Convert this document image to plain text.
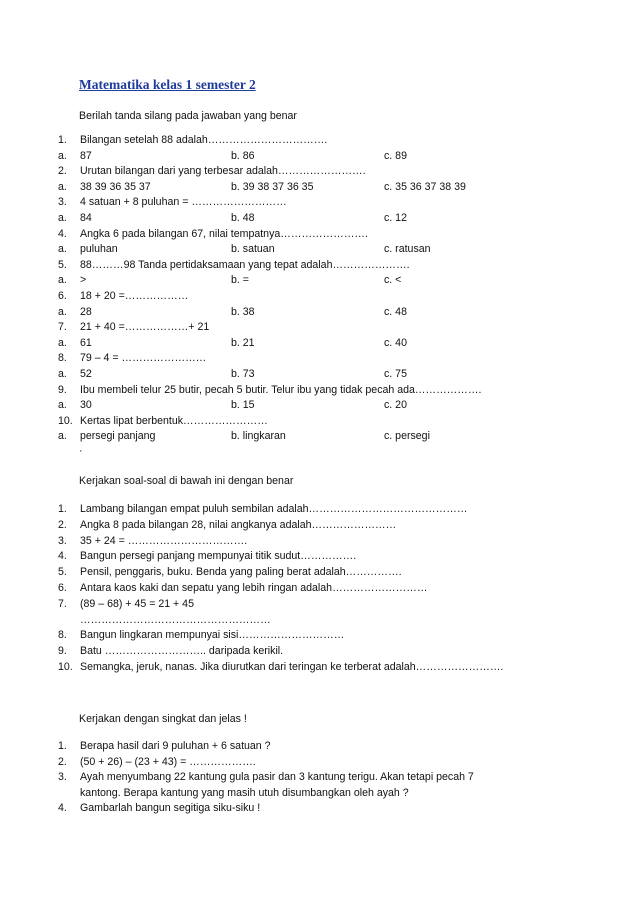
Matematika kelas 1 semester 2
Berilah tanda silang pada jawaban yang benar
1. Bilangan setelah 88 adalah…………………………….
a. 87	b. 86	c. 89
2. Urutan bilangan dari yang terbesar adalah…………………….
a. 38 39 36 35 37	b. 39 38 37 36 35	c. 35 36 37 38 39
3. 4 satuan + 8 puluhan = ………………………
a. 84	b. 48	c. 12
4. Angka 6 pada bilangan 67, nilai tempatnya…………………….
a. puluhan	b. satuan	c. ratusan
5. 88………98 Tanda pertidaksamaan yang tepat adalah………………….
a. >	b. =	c. <
6. 18 + 20 =………………
a. 28	b. 38	c. 48
7. 21 + 40 =………………+ 21
a. 61	b. 21	c. 40
8. 79 – 4 = ……………………
a. 52	b. 73	c. 75
9. Ibu membeli telur 25 butir, pecah 5 butir. Telur ibu yang tidak pecah ada……………….
a. 30	b. 15	c. 20
10. Kertas lipat berbentuk……………………
a. persegi panjang	b. lingkaran	c. persegi
·
Kerjakan soal-soal di bawah ini dengan benar
1. Lambang bilangan empat puluh sembilan adalah………………………………………
2. Angka 8 pada bilangan 28, nilai angkanya adalah……………………
3. 35 + 24 = …………………………….
4. Bangun persegi panjang mempunyai titik sudut…………….
5. Pensil, penggaris, buku. Benda yang paling berat adalah…………….
6. Antara kaos kaki dan sepatu yang lebih ringan adalah………………………
7. (89 – 68) + 45 = 21 + 45
………………………………………………
8. Bangun lingkaran mempunyai sisi…………………………
9. Batu ……………………….. daripada kerikil.
10. Semangka, jeruk, nanas. Jika diurutkan dari teringan ke terberat adalah…………………….
Kerjakan dengan singkat dan jelas !
1. Berapa hasil dari 9 puluhan + 6 satuan ?
2. (50 + 26) – (23 + 43) = ……………….
3. Ayah menyumbang 22 kantung gula pasir dan 3 kantung terigu. Akan tetapi pecah 7
kantong. Berapa kantung yang masih utuh disumbangkan oleh ayah ?
4. Gambarlah bangun segitiga siku-siku !
